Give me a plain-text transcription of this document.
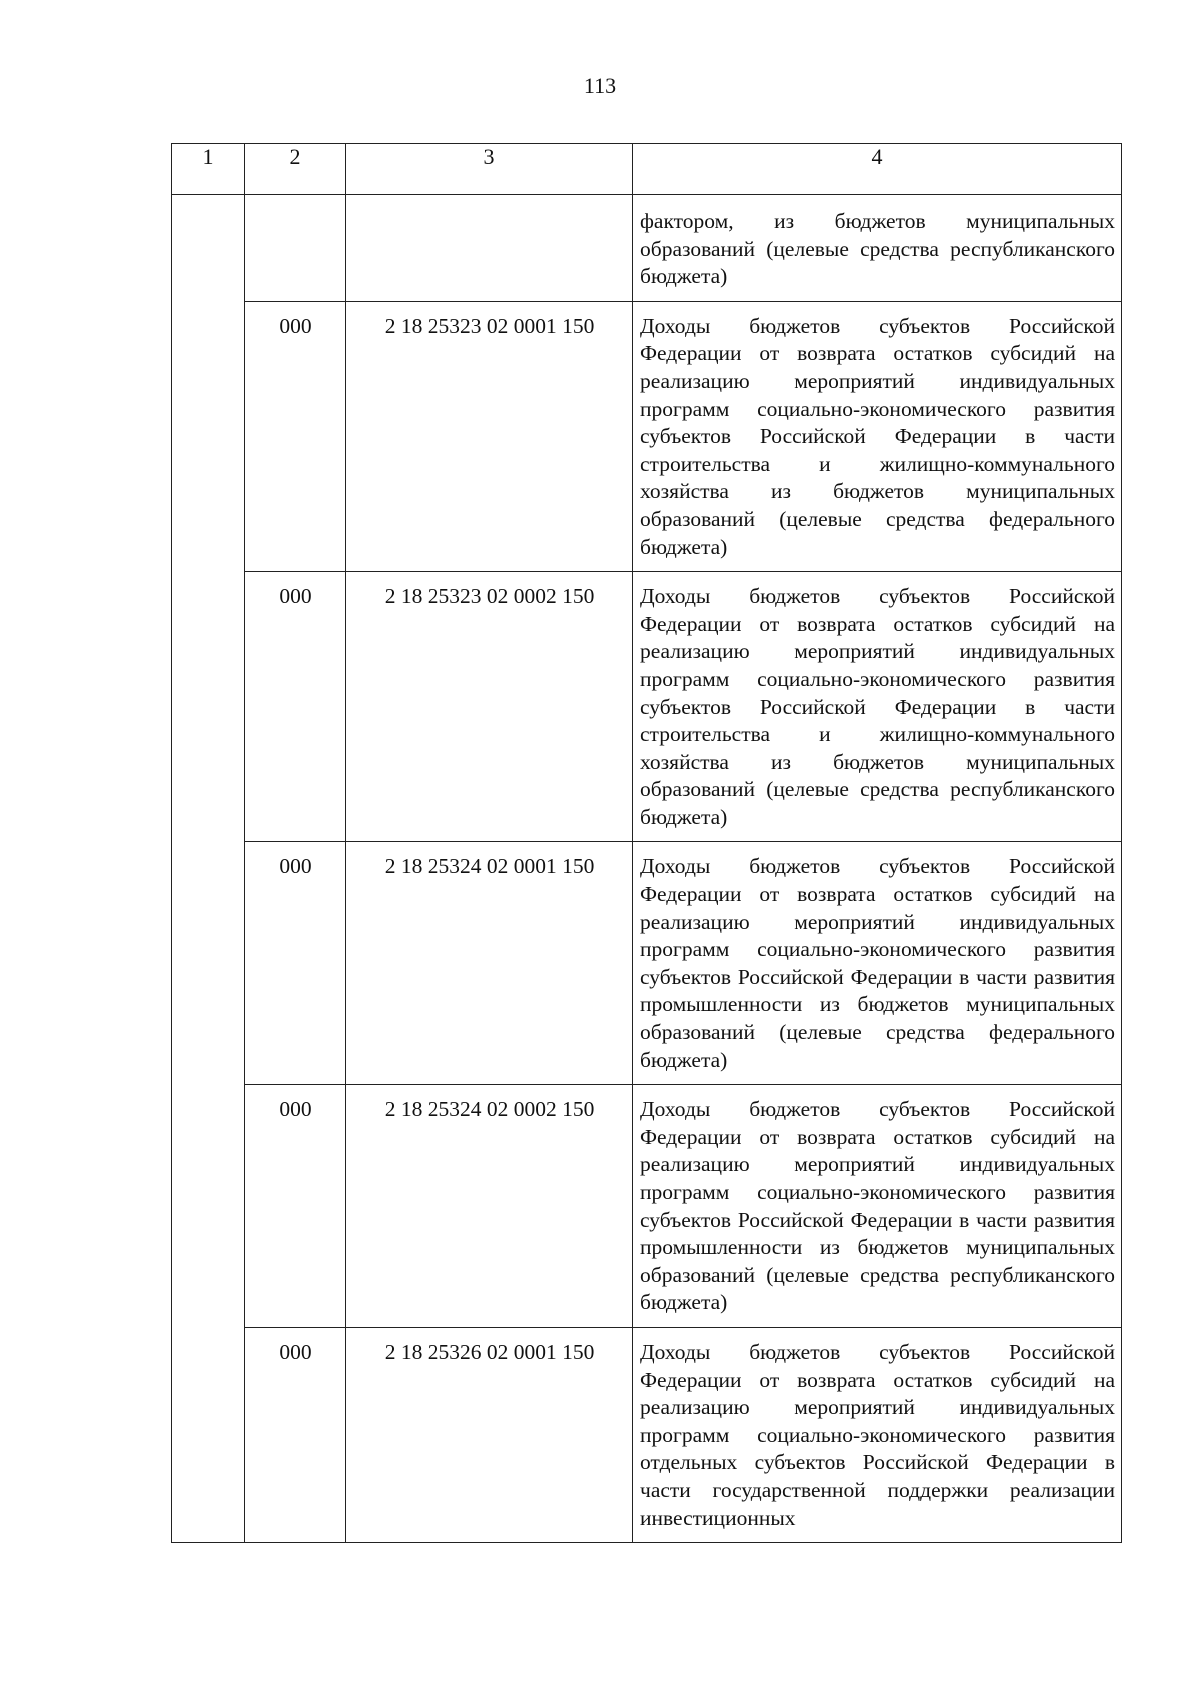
113
1	2	3	4

			фактором, из бюджетов муниципальных образований (целевые средства республиканского бюджета)

	000	2 18 25323 02 0001 150	Доходы бюджетов субъектов Российской Федерации от возврата остатков субсидий на реализацию мероприятий индивидуальных программ социально-экономического развития субъектов Российской Федерации в части строительства и жилищно-коммунального хозяйства из бюджетов муниципальных образований (целевые средства федерального бюджета)

	000	2 18 25323 02 0002 150	Доходы бюджетов субъектов Российской Федерации от возврата остатков субсидий на реализацию мероприятий индивидуальных программ социально-экономического развития субъектов Российской Федерации в части строительства и жилищно-коммунального хозяйства из бюджетов муниципальных образований (целевые средства республиканского бюджета)

	000	2 18 25324 02 0001 150	Доходы бюджетов субъектов Российской Федерации от возврата остатков субсидий на реализацию мероприятий индивидуальных программ социально-экономического развития субъектов Российской Федерации в части развития промышленности из бюджетов муниципальных образований (целевые средства федерального бюджета)

	000	2 18 25324 02 0002 150	Доходы бюджетов субъектов Российской Федерации от возврата остатков субсидий на реализацию мероприятий индивидуальных программ социально-экономического развития субъектов Российской Федерации в части развития промышленности из бюджетов муниципальных образований (целевые средства республиканского бюджета)

	000	2 18 25326 02 0001 150	Доходы бюджетов субъектов Российской Федерации от возврата остатков субсидий на реализацию мероприятий индивидуальных программ социально-экономического развития отдельных субъектов Российской Федерации в части государственной поддержки реализации инвестиционных
